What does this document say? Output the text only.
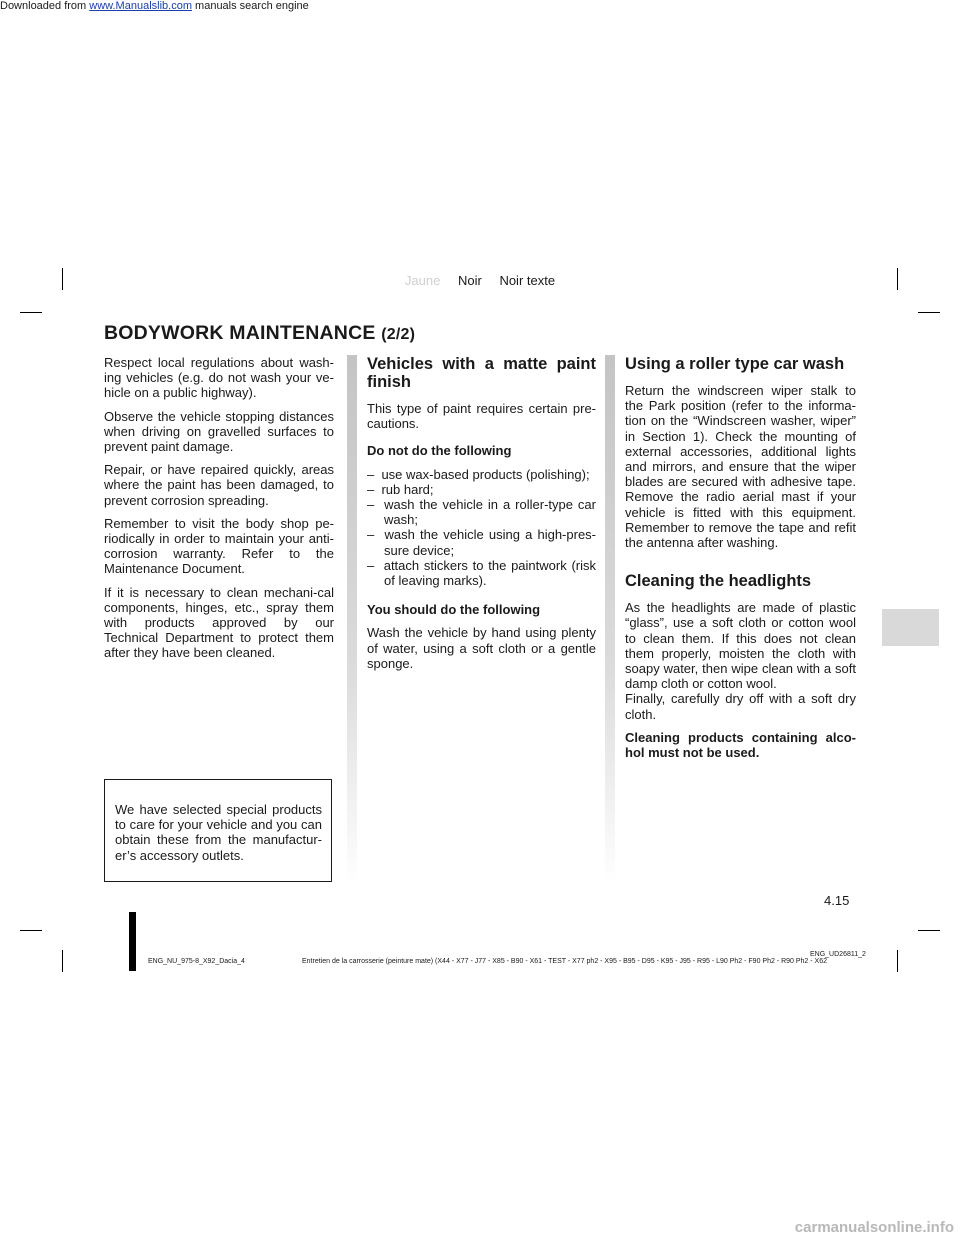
Downloaded from www.Manualslib.com manuals search engine
Jaune Noir Noir texte
BODYWORK MAINTENANCE (2/2)

Respect local regulations about wash-ing vehicles (e.g. do not wash your ve-hicle on a public highway).

Observe the vehicle stopping distances when driving on gravelled surfaces to prevent paint damage.

Repair, or have repaired quickly, areas where the paint has been damaged, to prevent corrosion spreading.

Remember to visit the body shop pe-riodically in order to maintain your anti-corrosion warranty. Refer to the Maintenance Document.

If it is necessary to clean mechani-cal components, hinges, etc., spray them with products approved by our Technical Department to protect them after they have been cleaned.

We have selected special products to care for your vehicle and you can obtain these from the manufactur-er’s accessory outlets.
Vehicles with a matte paint finish

This type of paint requires certain pre-cautions.

Do not do the following
–  use wax-based products (polishing);
–  rub hard;
–  wash the vehicle in a roller-type car wash;
–  wash the vehicle using a high-pres-sure device;
–  attach stickers to the paintwork (risk of leaving marks).
You should do the following

Wash the vehicle by hand using plenty of water, using a soft cloth or a gentle sponge.

Using a roller type car wash

Return the windscreen wiper stalk to the Park position (refer to the informa-tion on the “Windscreen washer, wiper” in Section 1). Check the mounting of external accessories, additional lights and mirrors, and ensure that the wiper blades are secured with adhesive tape. Remove the radio aerial mast if your vehicle is fitted with this equipment. Remember to remove the tape and refit the antenna after washing.

Cleaning the headlights

As the headlights are made of plastic “glass”, use a soft cloth or cotton wool to clean them. If this does not clean them properly, moisten the cloth with soapy water, then wipe clean with a soft damp cloth or cotton wool.

Finally, carefully dry off with a soft dry cloth.

Cleaning products containing alco-hol must not be used.

4.15
ENG_UD26811_2
ENG_NU_975-8_X92_Dacia_4	Entretien de la carrosserie (peinture mate) (X44 - X77 - J77 - X85 - B90 - X61 - TEST - X77 ph2 - X95 - B95 - D95 - K95 - J95 - R95 - L90 Ph2 - F90 Ph2 - R90 Ph2 - X62
carmanualsonline.info
